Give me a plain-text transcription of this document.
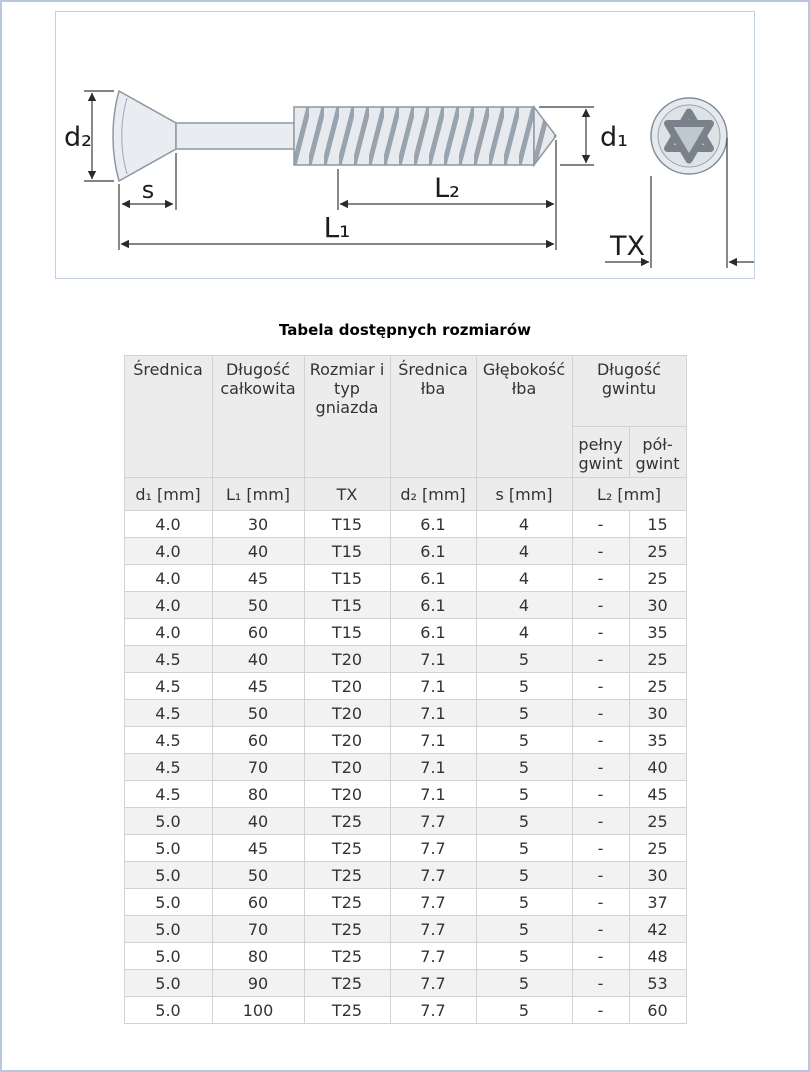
d₂
s	L₂
L₁
d₁
TX
Tabela dostępnych rozmiarów
Średnica	Długość całkowita	Rozmiar i typ gniazda	Średnica łba	Głębokość łba	Długość gwintu	
					pełny gwint	pół-gwint
d₁ [mm]	L₁ [mm]	TX	d₂ [mm]	s [mm]	L₂ [mm]	
4.0	30	T15	6.1	4	-	15
4.0	40	T15	6.1	4	-	25
4.0	45	T15	6.1	4	-	25
4.0	50	T15	6.1	4	-	30
4.0	60	T15	6.1	4	-	35
4.5	40	T20	7.1	5	-	25
4.5	45	T20	7.1	5	-	25
4.5	50	T20	7.1	5	-	30
4.5	60	T20	7.1	5	-	35
4.5	70	T20	7.1	5	-	40
4.5	80	T20	7.1	5	-	45
5.0	40	T25	7.7	5	-	25
5.0	45	T25	7.7	5	-	25
5.0	50	T25	7.7	5	-	30
5.0	60	T25	7.7	5	-	37
5.0	70	T25	7.7	5	-	42
5.0	80	T25	7.7	5	-	48
5.0	90	T25	7.7	5	-	53
5.0	100	T25	7.7	5	-	60
